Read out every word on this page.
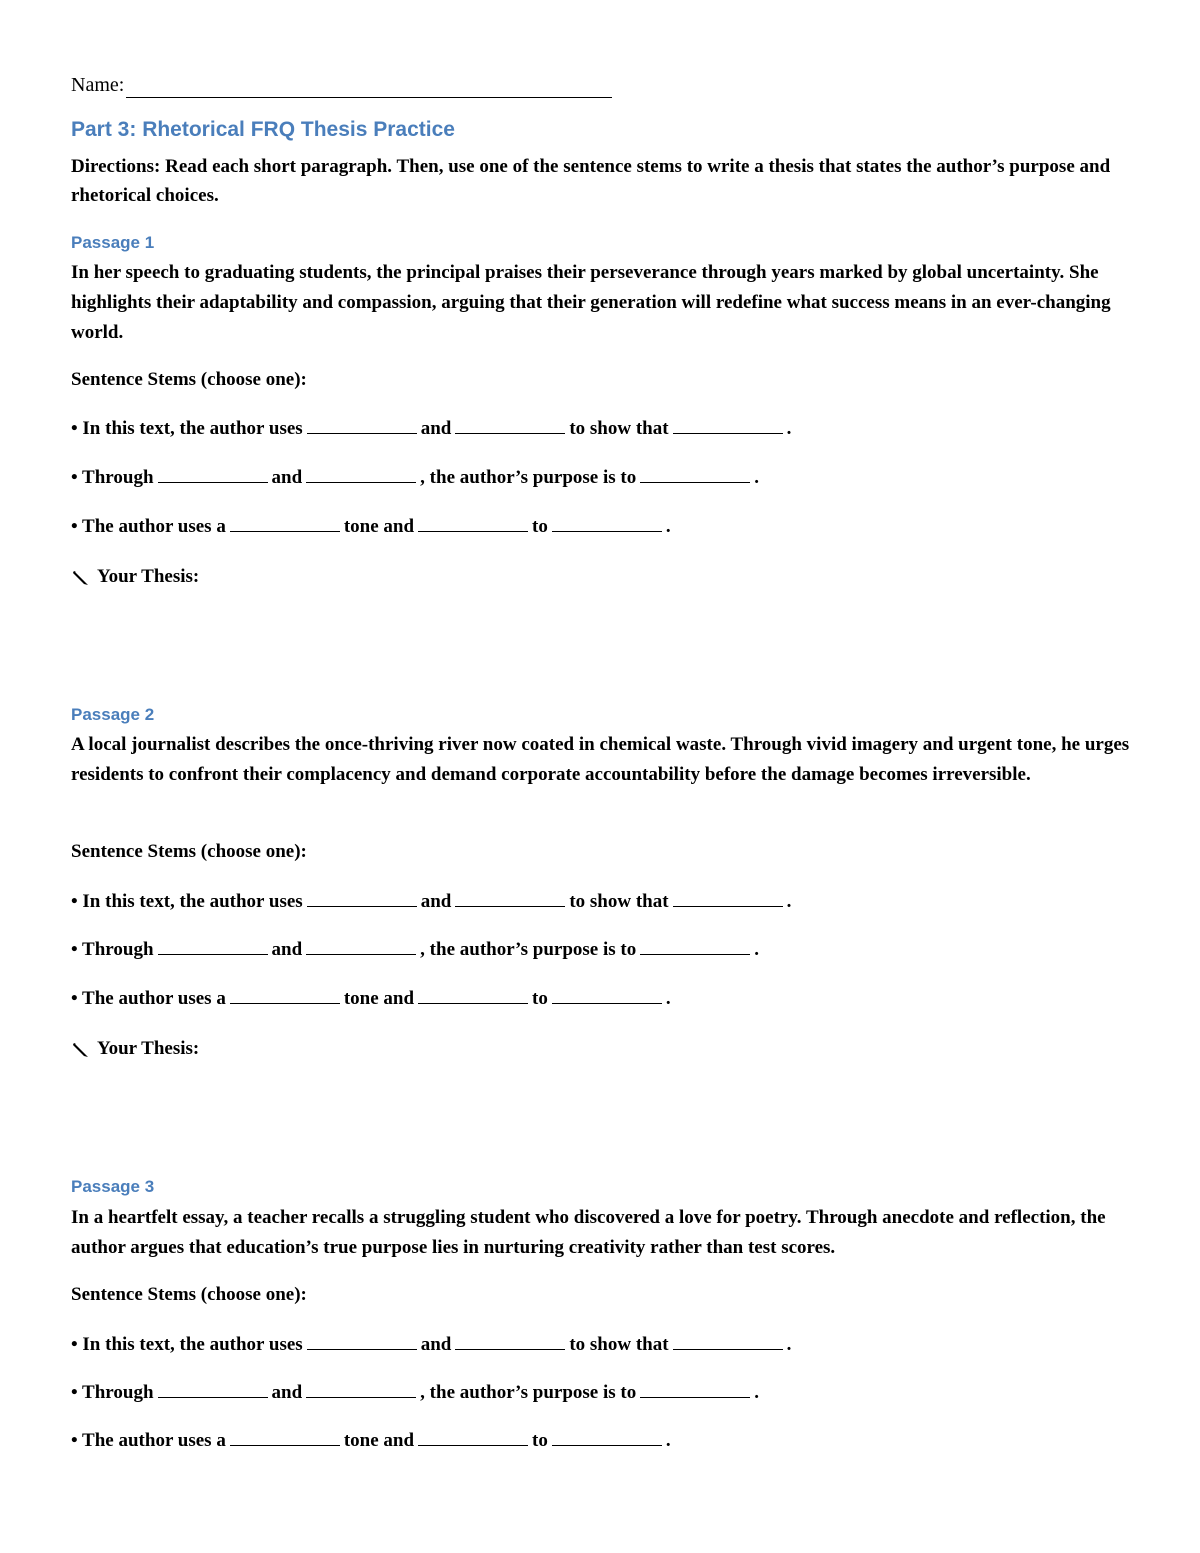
Name:
Part 3: Rhetorical FRQ Thesis Practice
Directions: Read each short paragraph. Then, use one of the sentence stems to write a thesis that states the author’s purpose and rhetorical choices.
Passage 1
In her speech to graduating students, the principal praises their perseverance through years marked by global uncertainty. She highlights their adaptability and compassion, arguing that their generation will redefine what success means in an ever-changing world.
Sentence Stems (choose one):
• In this text, the author uses	and	to show that	.
• Through	and	, the author’s purpose is to	.
• The author uses a	tone and	to	.
Your Thesis:
Passage 2
A local journalist describes the once-thriving river now coated in chemical waste. Through vivid imagery and urgent tone, he urges residents to confront their complacency and demand corporate accountability before the damage becomes irreversible.
Sentence Stems (choose one):
• In this text, the author uses	and	to show that	.
• Through	and	, the author’s purpose is to	.
• The author uses a	tone and	to	.
Your Thesis:
Passage 3
In a heartfelt essay, a teacher recalls a struggling student who discovered a love for poetry. Through anecdote and reflection, the author argues that education’s true purpose lies in nurturing creativity rather than test scores.
Sentence Stems (choose one):
• In this text, the author uses	and	to show that	.
• Through	and	, the author’s purpose is to	.
• The author uses a	tone and	to	.
